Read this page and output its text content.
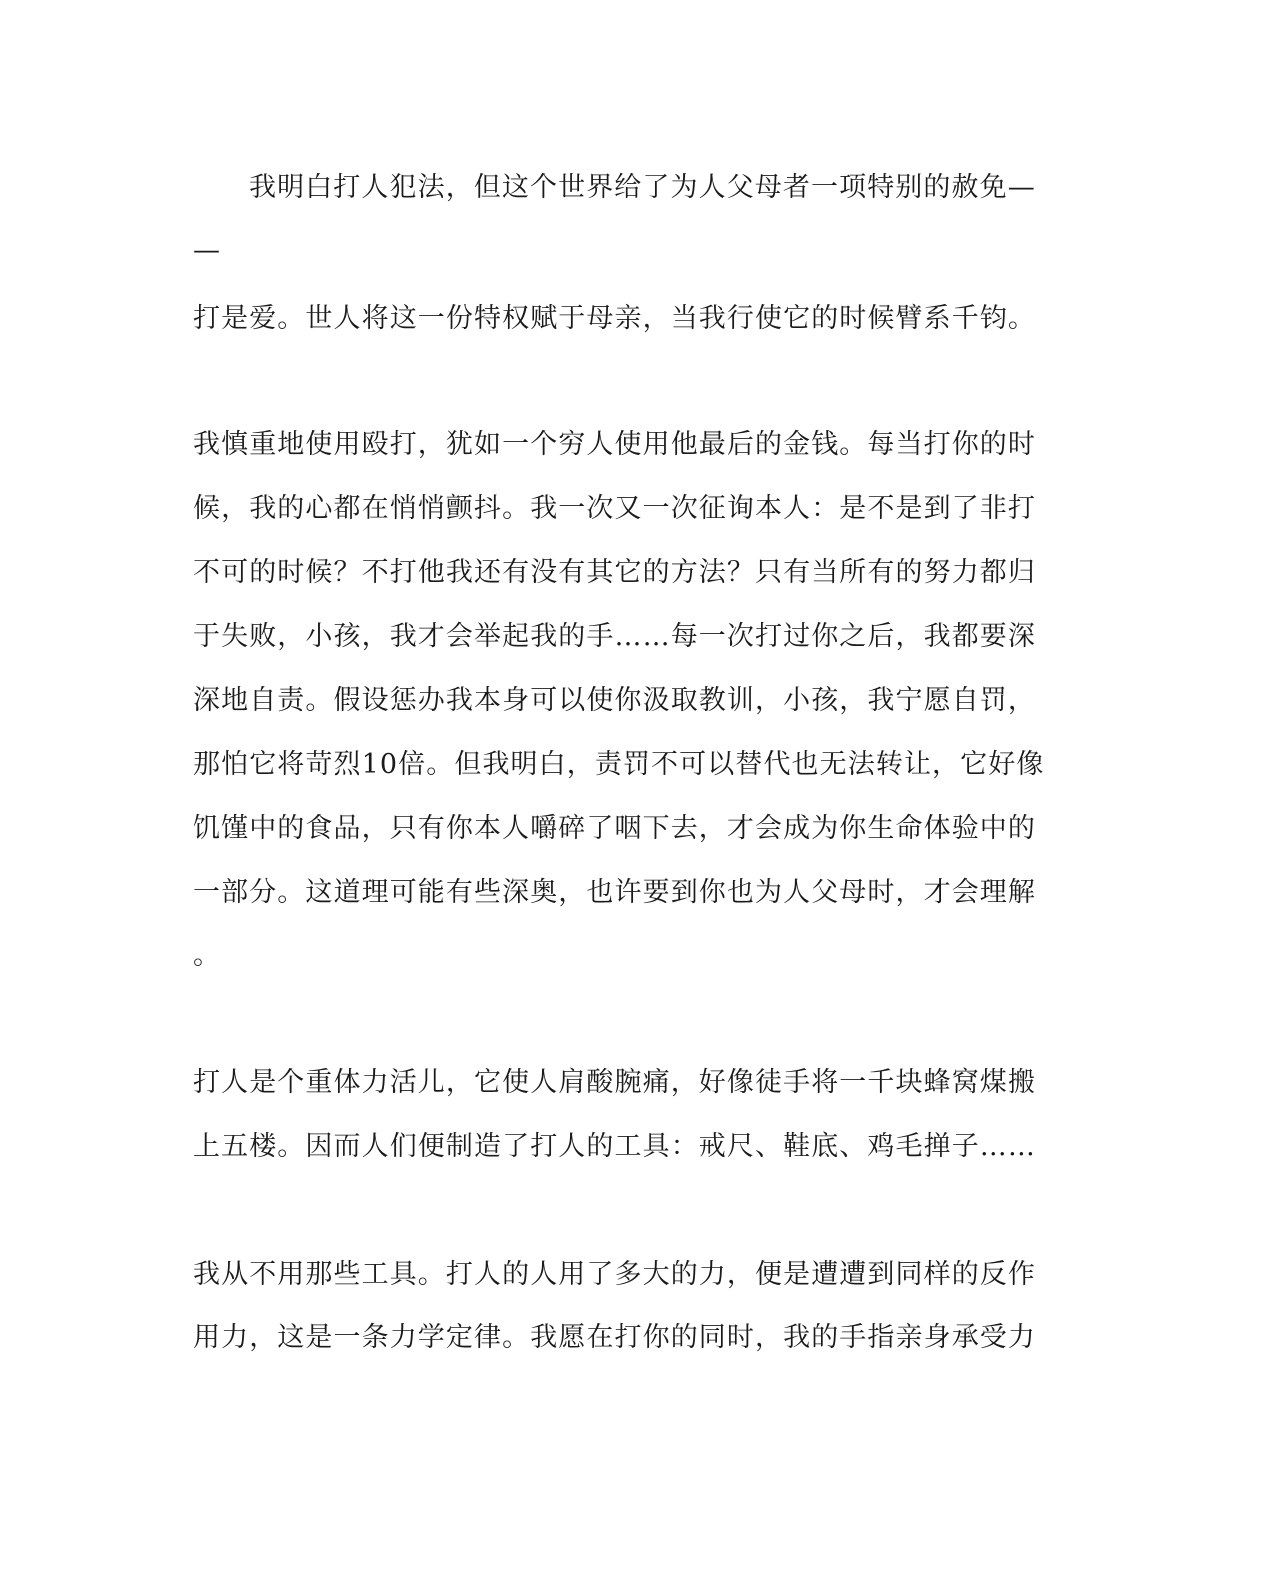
我明白打人犯法，但这个世界给了为人父母者一项特别的赦免—

—

打是爱。世人将这一份特权赋于母亲，当我行使它的时候臂系千钧。

我慎重地使用殴打，犹如一个穷人使用他最后的金钱。每当打你的时

候，我的心都在悄悄颤抖。我一次又一次征询本人：是不是到了非打

不可的时候？不打他我还有没有其它的方法？只有当所有的努力都归

于失败，小孩，我才会举起我的手……每一次打过你之后，我都要深

深地自责。假设惩办我本身可以使你汲取教训，小孩，我宁愿自罚，

那怕它将苛烈10倍。但我明白，责罚不可以替代也无法转让，它好像

饥馑中的食品，只有你本人嚼碎了咽下去，才会成为你生命体验中的

一部分。这道理可能有些深奥，也许要到你也为人父母时，才会理解

。

打人是个重体力活儿，它使人肩酸腕痛，好像徒手将一千块蜂窝煤搬

上五楼。因而人们便制造了打人的工具：戒尺、鞋底、鸡毛掸子……

我从不用那些工具。打人的人用了多大的力，便是遭遭到同样的反作

用力，这是一条力学定律。我愿在打你的同时，我的手指亲身承受力
